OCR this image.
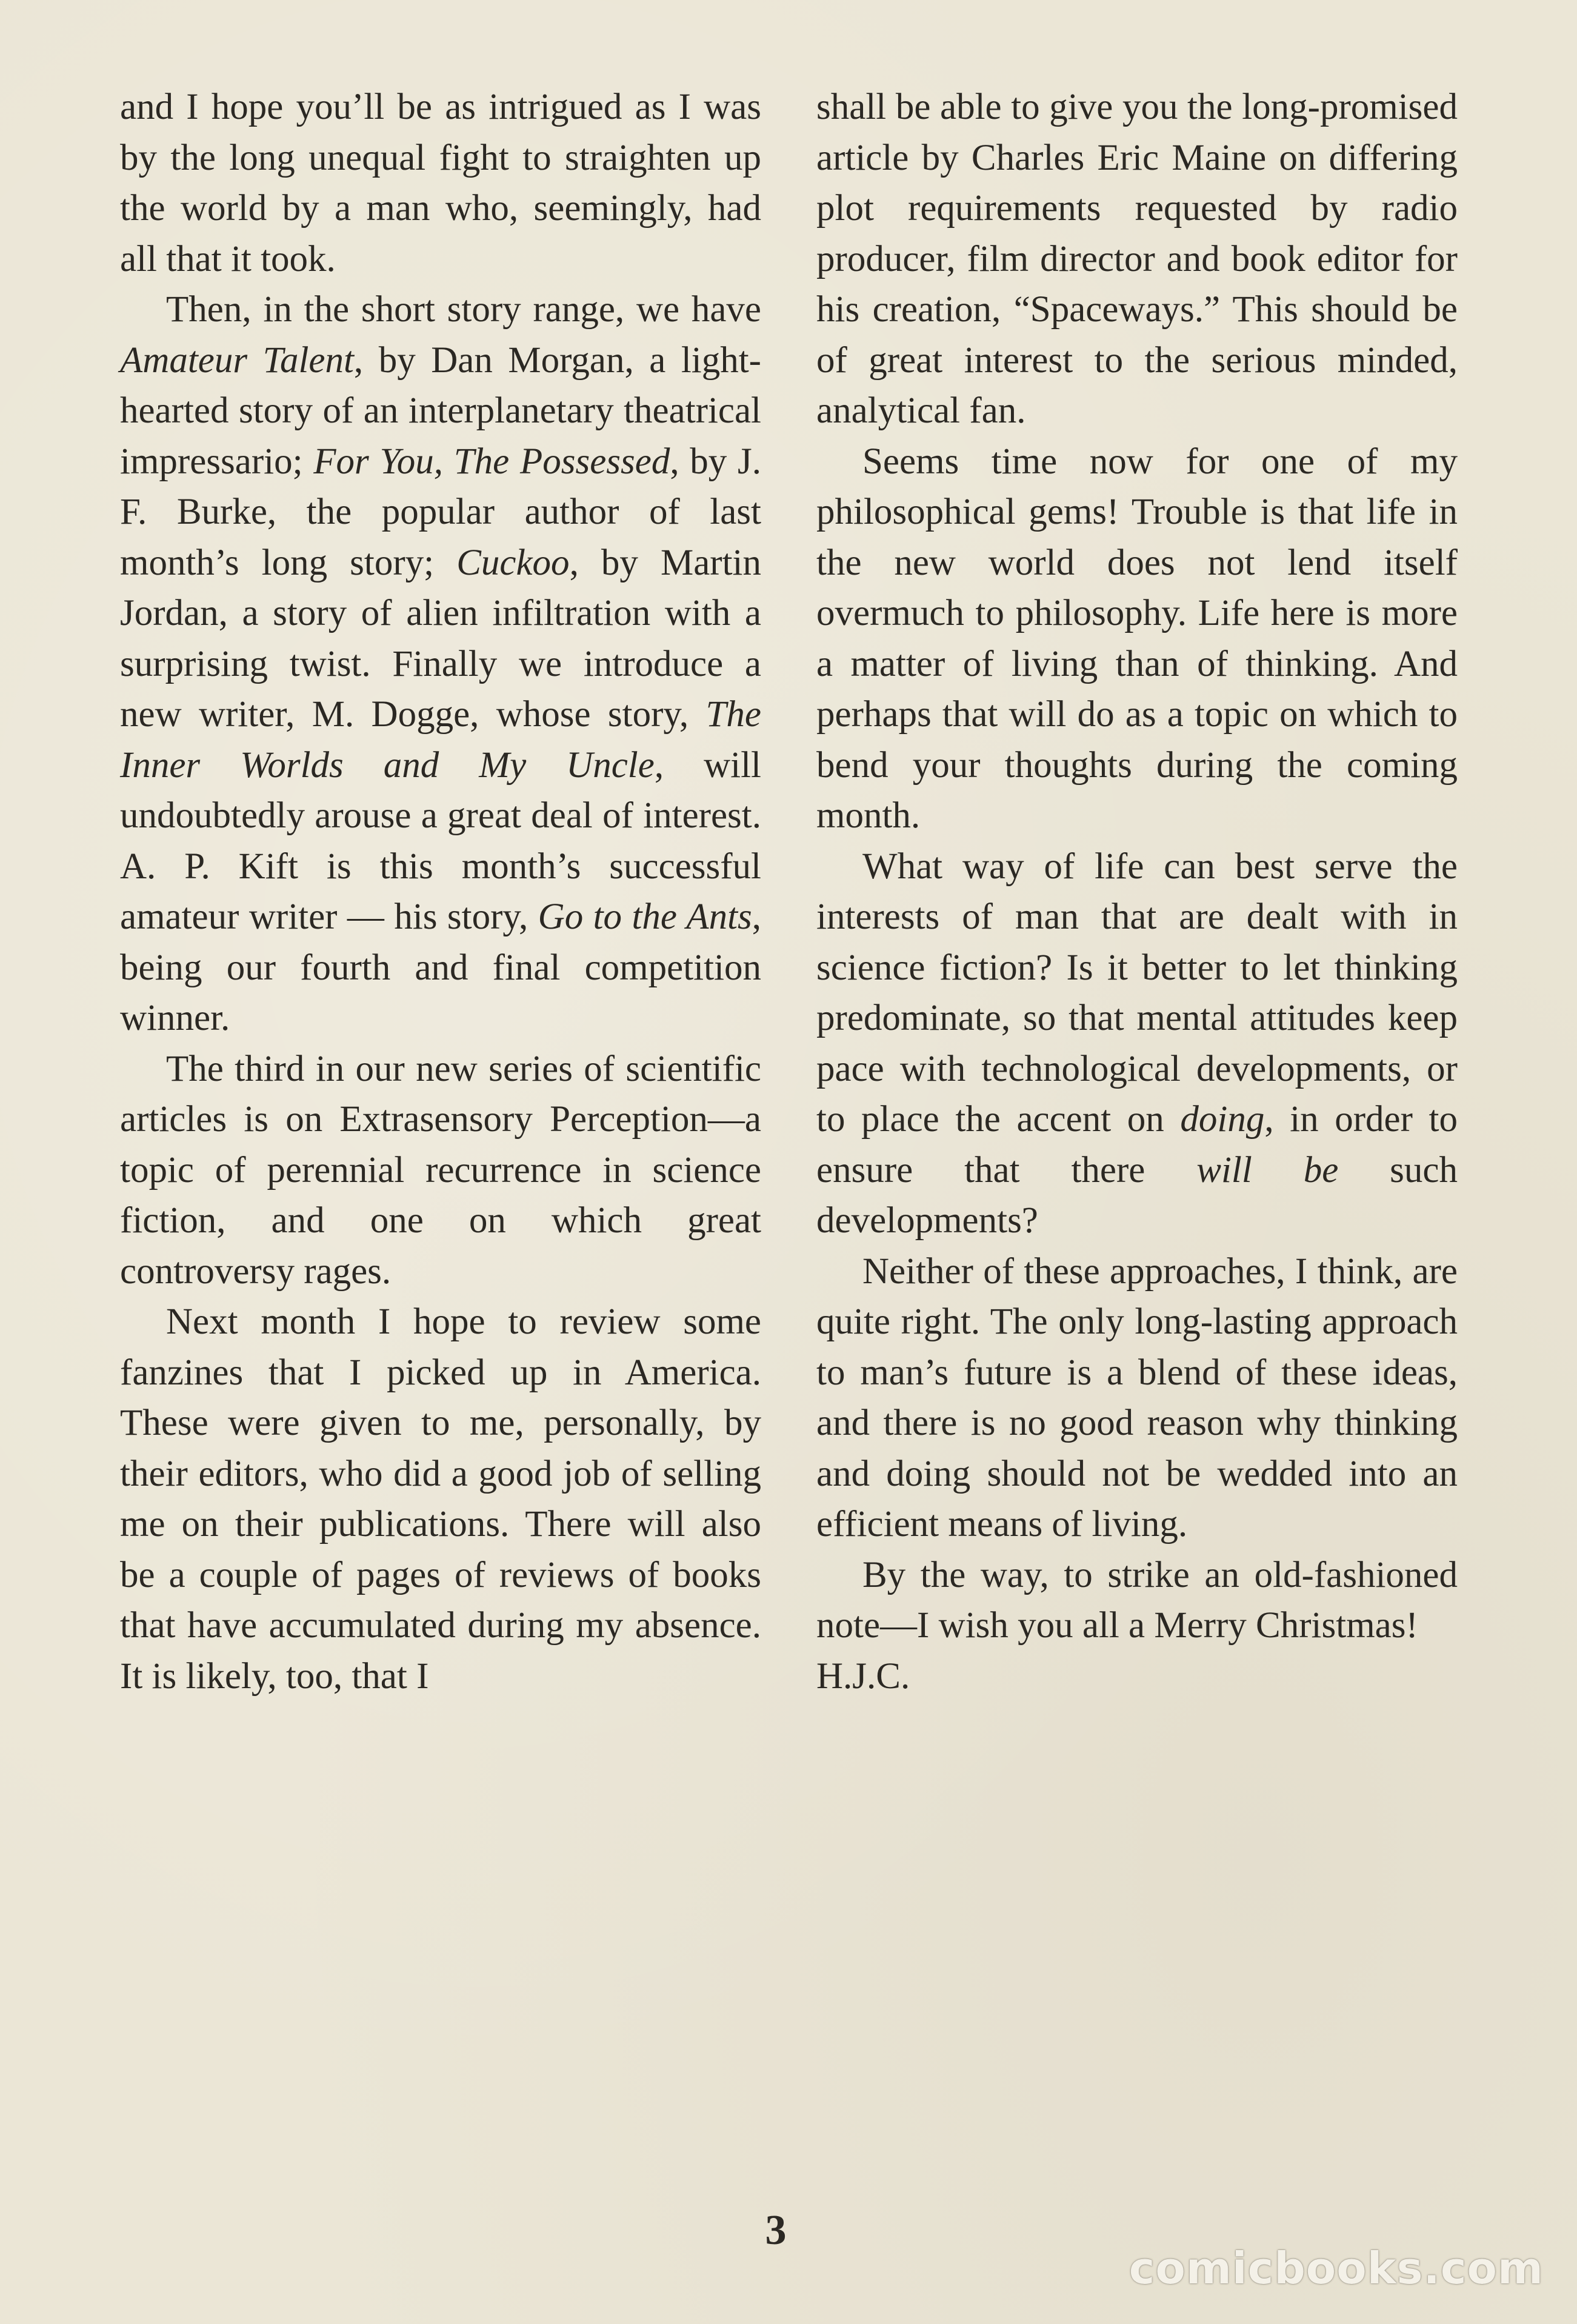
and I hope you’ll be as intrigued as I was by the long unequal fight to straighten up the world by a man who, seemingly, had all that it took.

Then, in the short story range, we have Amateur Talent, by Dan Morgan, a light-hearted story of an interplanetary theatrical impressario; For You, The Possessed, by J. F. Burke, the popular author of last month’s long story; Cuckoo, by Martin Jordan, a story of alien infiltration with a surprising twist. Finally we introduce a new writer, M. Dogge, whose story, The Inner Worlds and My Uncle, will undoubtedly arouse a great deal of interest. A. P. Kift is this month’s successful amateur writer — his story, Go to the Ants, being our fourth and final competition winner.

The third in our new series of scientific articles is on Extrasensory Perception—a topic of perennial recurrence in science fiction, and one on which great controversy rages.

Next month I hope to review some fanzines that I picked up in America. These were given to me, personally, by their editors, who did a good job of selling me on their publications. There will also be a couple of pages of reviews of books that have accumulated during my absence. It is likely, too, that I

shall be able to give you the long-promised article by Charles Eric Maine on differing plot requirements requested by radio producer, film director and book editor for his creation, “Spaceways.” This should be of great interest to the serious minded, analytical fan.

Seems time now for one of my philosophical gems! Trouble is that life in the new world does not lend itself overmuch to philosophy. Life here is more a matter of living than of thinking. And perhaps that will do as a topic on which to bend your thoughts during the coming month.

What way of life can best serve the interests of man that are dealt with in science fiction? Is it better to let thinking predominate, so that mental attitudes keep pace with technological developments, or to place the accent on doing, in order to ensure that there will be such developments?

Neither of these approaches, I think, are quite right. The only long-lasting approach to man’s future is a blend of these ideas, and there is no good reason why thinking and doing should not be wedded into an efficient means of living.

By the way, to strike an old-fashioned note—I wish you all a Merry Christmas!

H.J.C.

3
comicbooks.com
